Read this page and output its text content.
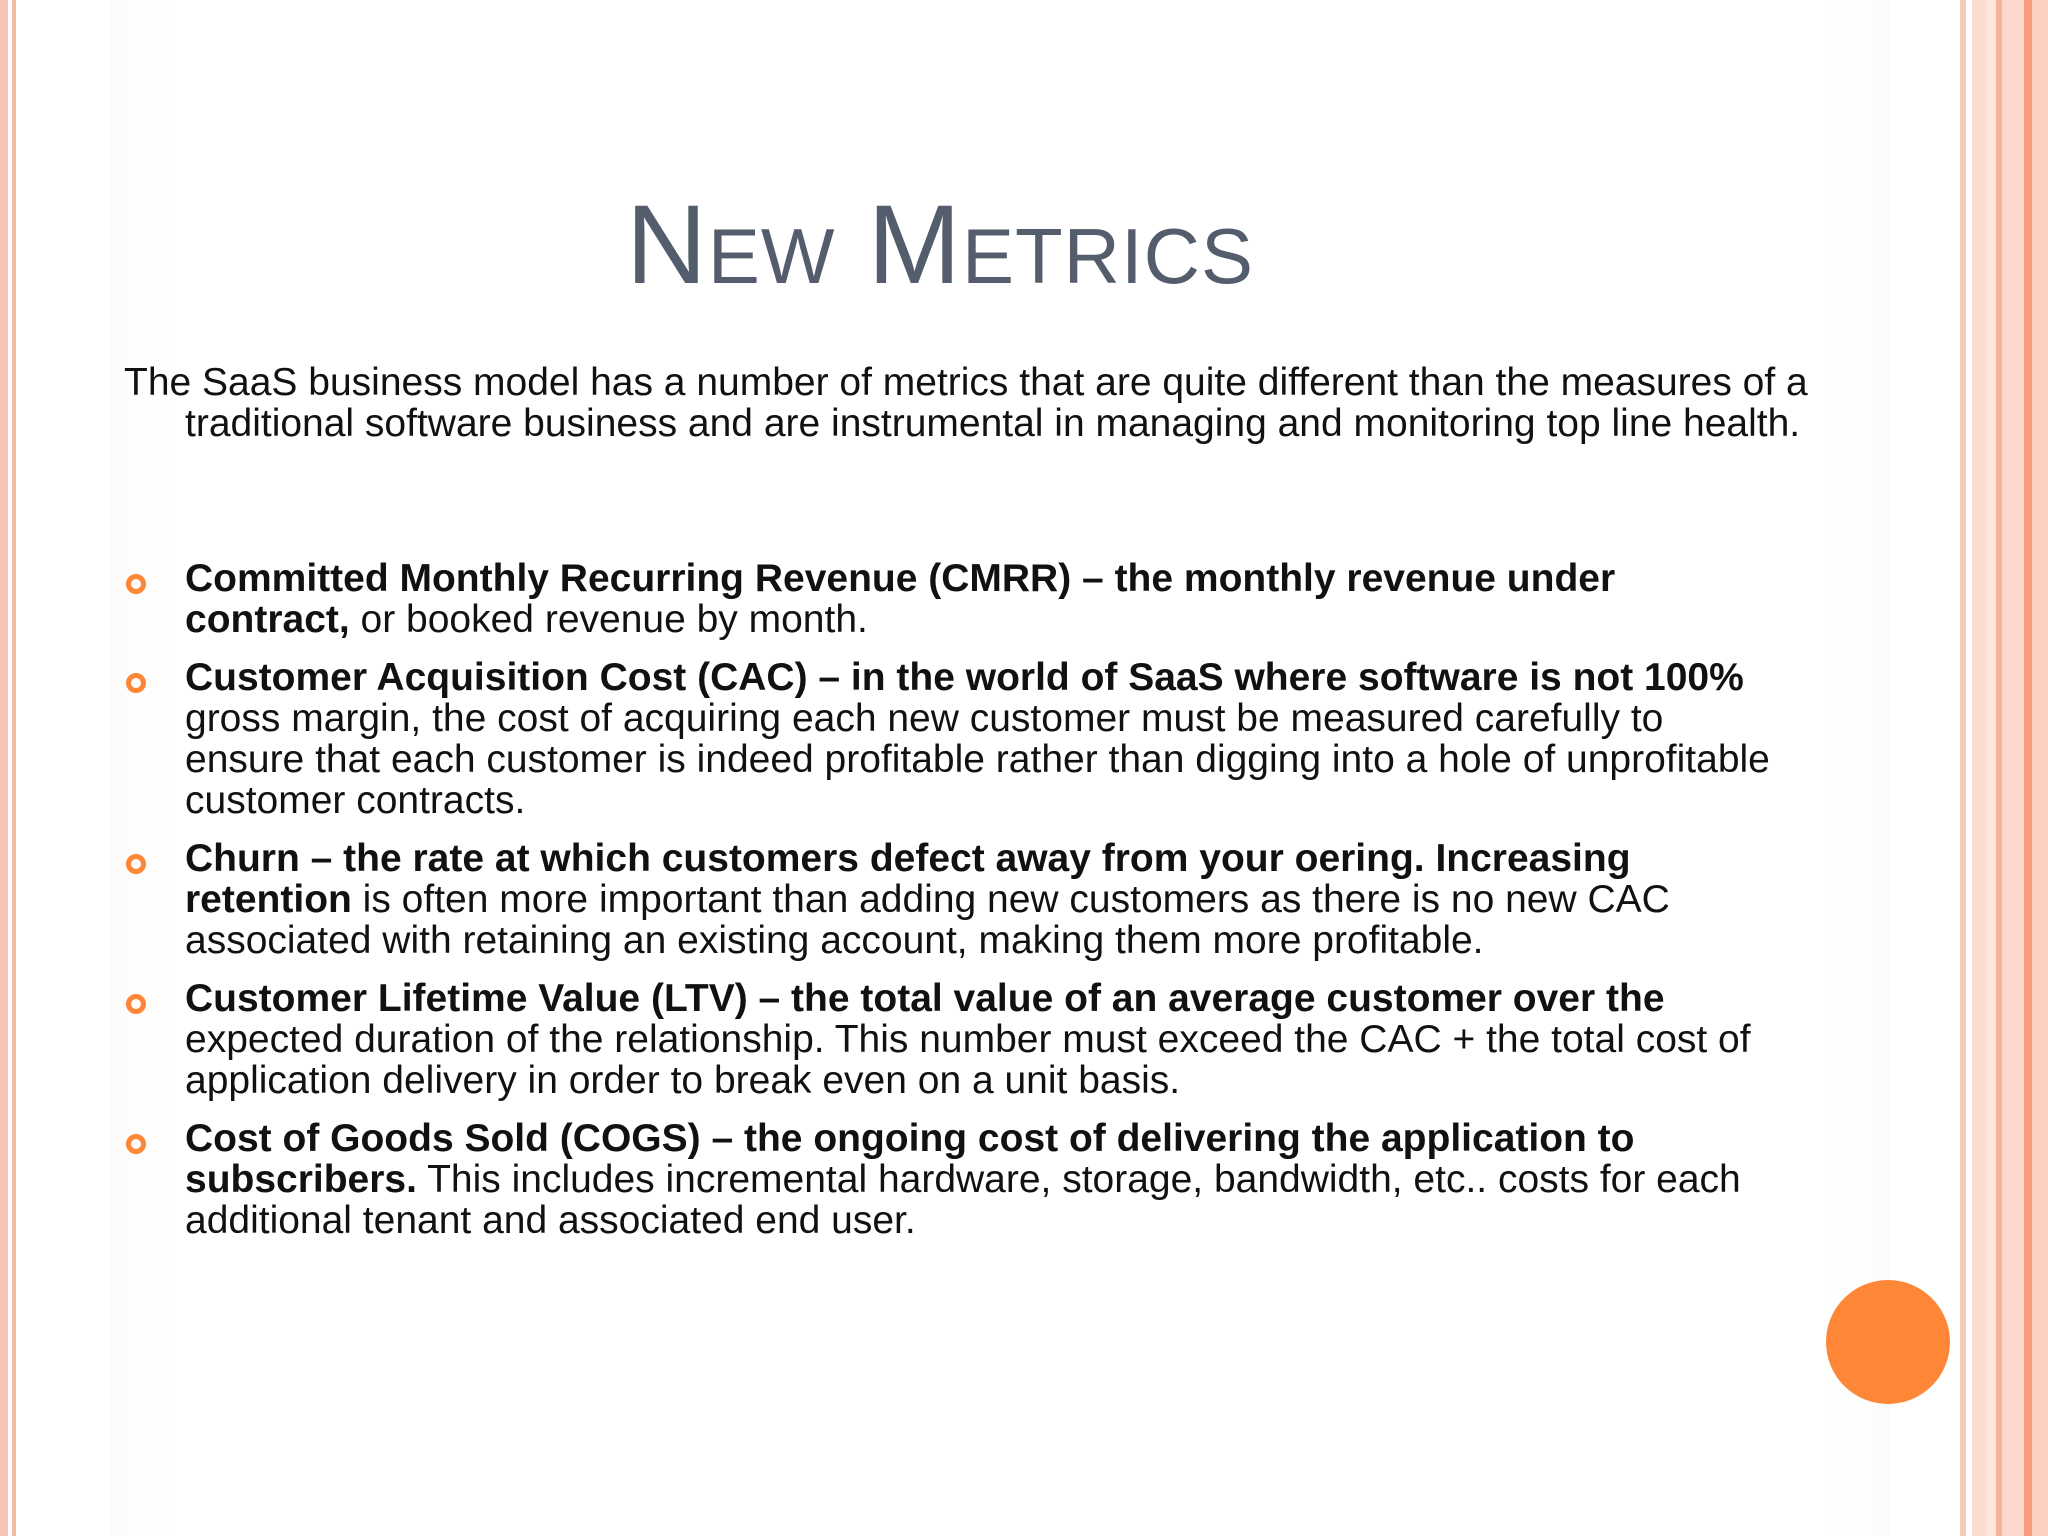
New Metrics

The SaaS business model has a number of metrics that are quite different than the measures of a traditional software business and are instrumental in managing and monitoring top line health.

Committed Monthly Recurring Revenue (CMRR) – the monthly revenue under contract, or booked revenue by month.
Customer Acquisition Cost (CAC) – in the world of SaaS where software is not 100% gross margin, the cost of acquiring each new customer must be measured carefully to ensure that each customer is indeed profitable rather than digging into a hole of unprofitable customer contracts.
Churn – the rate at which customers defect away from your oering. Increasing retention is often more important than adding new customers as there is no new CAC associated with retaining an existing account, making them more profitable.
Customer Lifetime Value (LTV) – the total value of an average customer over the expected duration of the relationship. This number must exceed the CAC + the total cost of application delivery in order to break even on a unit basis.
Cost of Goods Sold (COGS) – the ongoing cost of delivering the application to subscribers. This includes incremental hardware, storage, bandwidth, etc.. costs for each additional tenant and associated end user.
